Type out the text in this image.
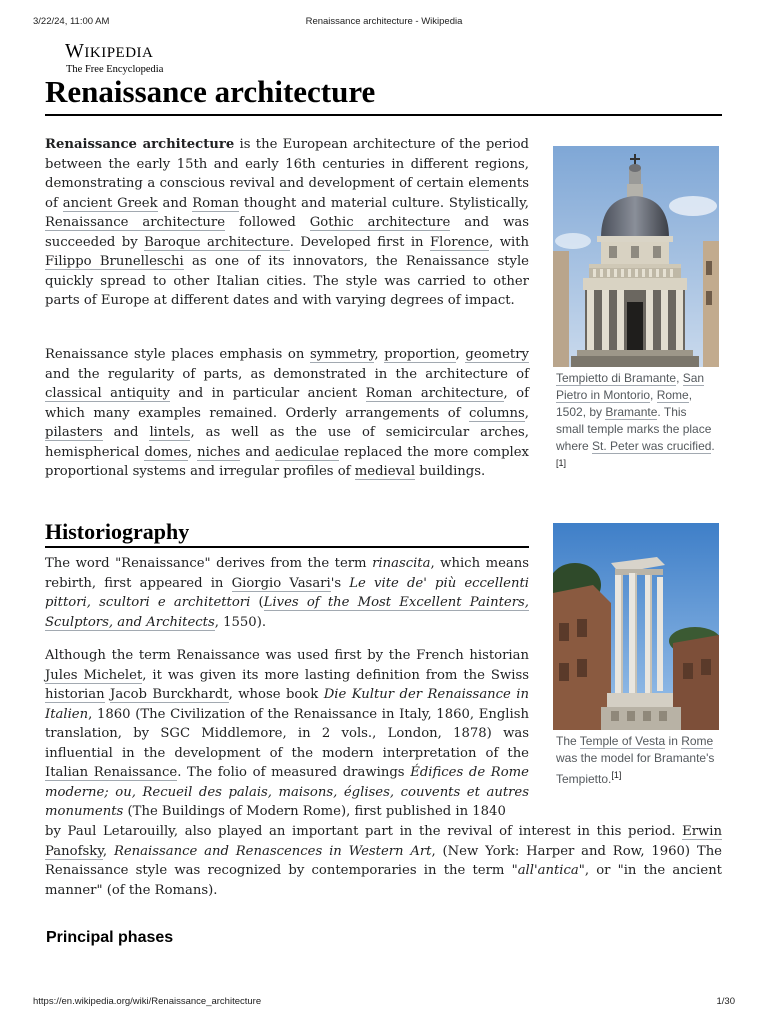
3/22/24, 11:00 AM	Renaissance architecture - Wikipedia
WIKIPEDIA
The Free Encyclopedia
Renaissance architecture

Renaissance architecture is the European architecture of the period between the early 15th and early 16th centuries in different regions, demonstrating a conscious revival and development of certain elements of ancient Greek and Roman thought and material culture. Stylistically, Renaissance architecture followed Gothic architecture and was succeeded by Baroque architecture. Developed first in Florence, with Filippo Brunelleschi as one of its innovators, the Renaissance style quickly spread to other Italian cities. The style was carried to other parts of Europe at different dates and with varying degrees of impact.

Renaissance style places emphasis on symmetry, proportion, geometry and the regularity of parts, as demonstrated in the architecture of classical antiquity and in particular ancient Roman architecture, of which many examples remained. Orderly arrangements of columns, pilasters and lintels, as well as the use of semicircular arches, hemispherical domes, niches and aediculae replaced the more complex proportional systems and irregular profiles of medieval buildings.

Historiography

The word "Renaissance" derives from the term rinascita, which means rebirth, first appeared in Giorgio Vasari's Le vite de' più eccellenti pittori, scultori e architettori (Lives of the Most Excellent Painters, Sculptors, and Architects, 1550).

Although the term Renaissance was used first by the French historian Jules Michelet, it was given its more lasting definition from the Swiss historian Jacob Burckhardt, whose book Die Kultur der Renaissance in Italien, 1860 (The Civilization of the Renaissance in Italy, 1860, English translation, by SGC Middlemore, in 2 vols., London, 1878) was influential in the development of the modern interpretation of the Italian Renaissance. The folio of measured drawings Édifices de Rome moderne; ou, Recueil des palais, maisons, églises, couvents et autres monuments (The Buildings of Modern Rome), first published in 1840

by Paul Letarouilly, also played an important part in the revival of interest in this period. Erwin Panofsky, Renaissance and Renascences in Western Art, (New York: Harper and Row, 1960) The Renaissance style was recognized by contemporaries in the term "all'antica", or "in the ancient manner" (of the Romans).

Principal phases
Tempietto di Bramante, San Pietro in Montorio, Rome, 1502, by Bramante. This small temple marks the place where St. Peter was crucified.[1]
The Temple of Vesta in Rome was the model for Bramante's Tempietto.[1]
https://en.wikipedia.org/wiki/Renaissance_architecture	1/30
